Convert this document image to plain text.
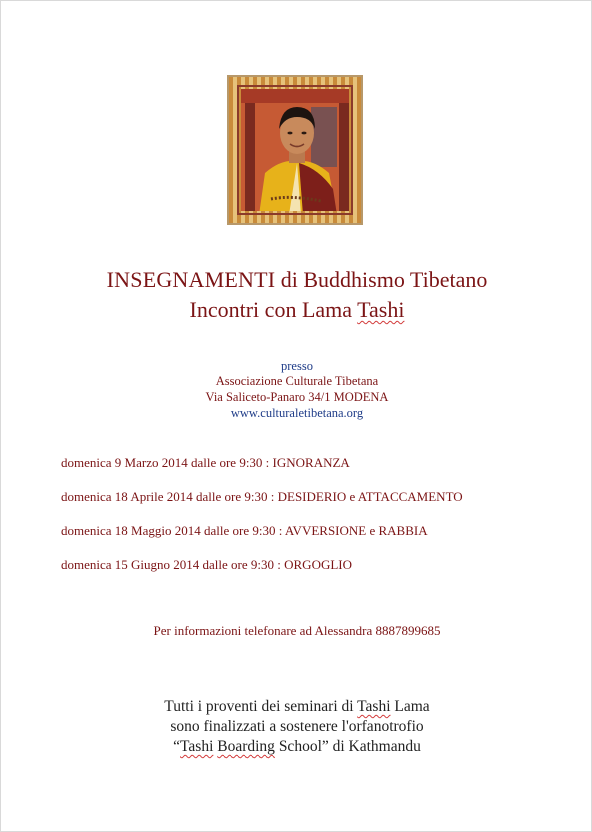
INSEGNAMENTI di Buddhismo Tibetano
Incontri con Lama Tashi
presso
Associazione Culturale Tibetana
Via Saliceto-Panaro 34/1 MODENA
www.culturaletibetana.org
domenica 9 Marzo 2014 dalle ore 9:30 : IGNORANZA
domenica 18 Aprile 2014 dalle ore 9:30 : DESIDERIO e ATTACCAMENTO
domenica 18 Maggio 2014 dalle ore 9:30 : AVVERSIONE e RABBIA
domenica 15 Giugno 2014 dalle ore 9:30 : ORGOGLIO
Per informazioni telefonare ad Alessandra 8887899685
Tutti i proventi dei seminari di Tashi Lama
sono finalizzati a sostenere l'orfanotrofio
“Tashi Boarding School” di Kathmandu
